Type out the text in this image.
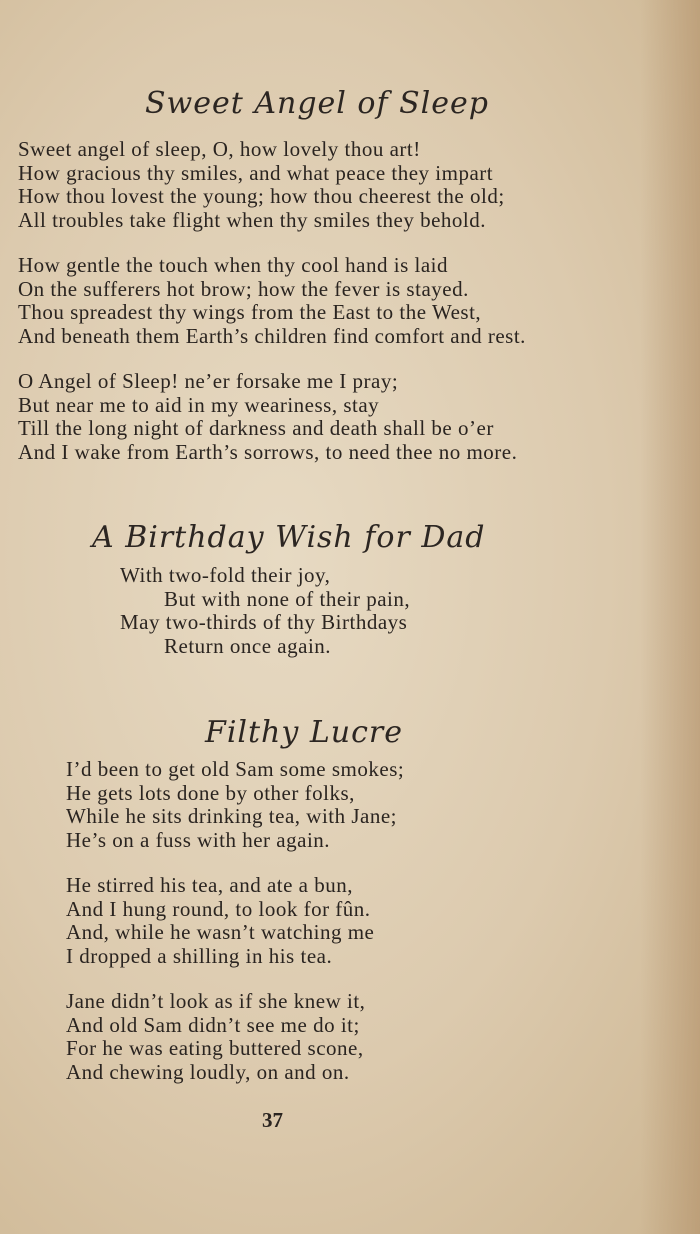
Sweet Angel of Sleep
Sweet angel of sleep, O, how lovely thou art!
How gracious thy smiles, and what peace they impart
How thou lovest the young; how thou cheerest the old;
All troubles take flight when thy smiles they behold.
How gentle the touch when thy cool hand is laid
On the sufferers hot brow; how the fever is stayed.
Thou spreadest thy wings from the East to the West,
And beneath them Earth’s children find comfort and rest.
O Angel of Sleep! ne’er forsake me I pray;
But near me to aid in my weariness, stay
Till the long night of darkness and death shall be o’er
And I wake from Earth’s sorrows, to need thee no more.
A Birthday Wish for Dad
With two-fold their joy,
But with none of their pain,
May two-thirds of thy Birthdays
Return once again.
Filthy Lucre
I’d been to get old Sam some smokes;
He gets lots done by other folks,
While he sits drinking tea, with Jane;
He’s on a fuss with her again.
He stirred his tea, and ate a bun,
And I hung round, to look for fûn.
And, while he wasn’t watching me
I dropped a shilling in his tea.
Jane didn’t look as if she knew it,
And old Sam didn’t see me do it;
For he was eating buttered scone,
And chewing loudly, on and on.
37
